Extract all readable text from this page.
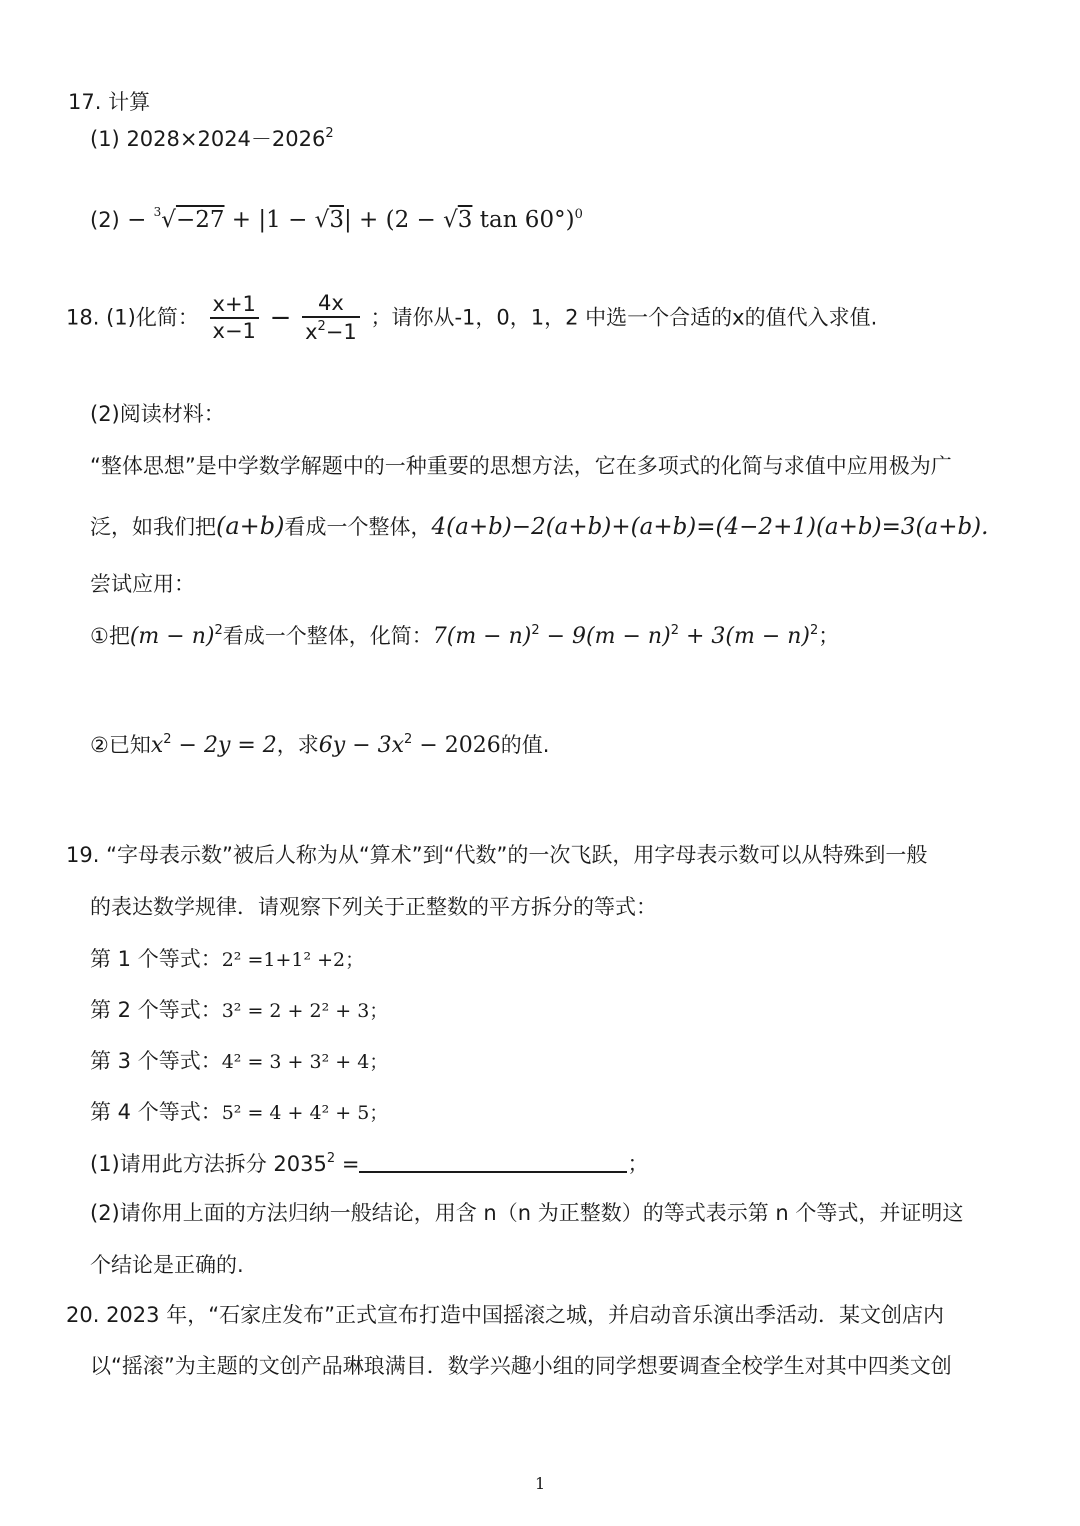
17. 计算
(1) $2028\times 2024-2026^2$
(2) − $^3$√−27 + |1 − √3| + (2 − √3 tan 60°)$^0$
18. (1)化简： $\frac{x+1}{x-1} - \frac{4x}{x^2-1}$ ；请你从-1，0，1，2 中选一个合适的x的值代入求值.
(2)阅读材料：
“整体思想”是中学数学解题中的一种重要的思想方法，它在多项式的化简与求值中应用极为广
泛，如我们把(a+b)看成一个整体，4(a+b)−2(a+b)+(a+b)=(4−2+1)(a+b)=3(a+b).
尝试应用：
①把$(m - n)^2$看成一个整体，化简：$7(m - n)^2 - 9(m - n)^2 + 3(m - n)^2$；
②已知$x^2 - 2y = 2$，求$6y - 3x^2 - 2026$的值.
19. “字母表示数”被后人称为从“算术”到“代数”的一次飞跃，用字母表示数可以从特殊到一般
的表达数学规律．请观察下列关于正整数的平方拆分的等式：
第 1 个等式：2² =1+1² +2；
第 2 个等式：3² = 2 + 2² + 3；
第 3 个等式：4² = 3 + 3² + 4；
第 4 个等式：5² = 4 + 4² + 5；
(1)请用此方法拆分 $2035^2$ =	；
(2)请你用上面的方法归纳一般结论，用含 n（n 为正整数）的等式表示第 n 个等式，并证明这
个结论是正确的.
20. 2023 年，“石家庄发布”正式宣布打造中国摇滚之城，并启动音乐演出季活动．某文创店内
以“摇滚”为主题的文创产品琳琅满目．数学兴趣小组的同学想要调查全校学生对其中四类文创
1
